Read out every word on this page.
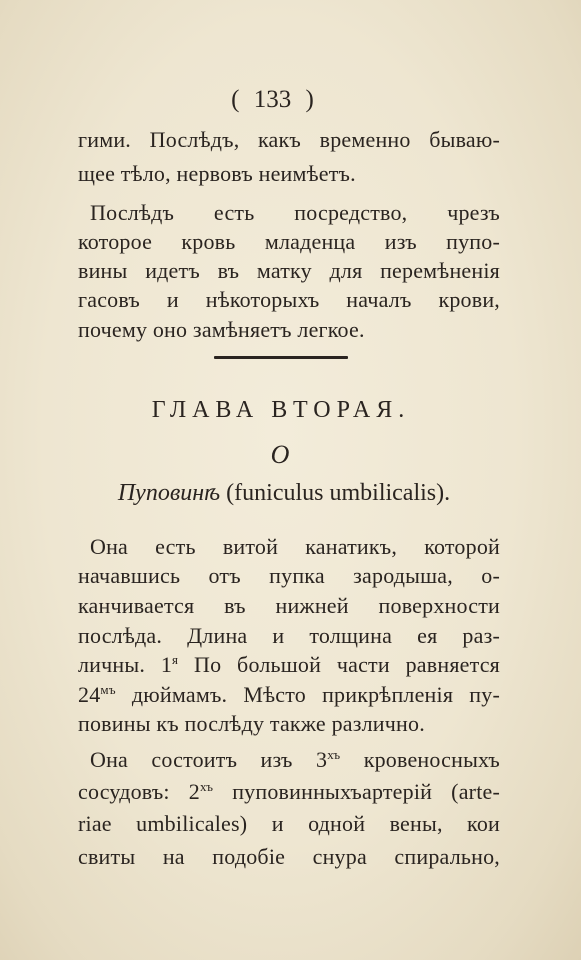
( 133 )
гими. Послѣдъ, какъ временно бываю-
щее тѣло, нервовъ неимѣетъ.
Послѣдъ есть посредство, чрезъ
которое кровь младенца изъ пупо-
вины идетъ въ матку для перемѣненія
гасовъ и нѣкоторыхъ началъ крови,
почему оно замѣняетъ легкое.
ГЛАВА ВТОРАЯ.
О
Пуповинѣ (funiculus umbilicalis).
Она есть витой канатикъ, которой
начавшись отъ пупка зародыша, о-
канчивается въ нижней поверхности
послѣда. Длина и толщина ея раз-
личны. $1^я$ По большой части равняется
$24^{мъ}$ дюймамъ. Мѣсто прикрѣпленія пу-
повины къ послѣду также различно.
Она состоитъ изъ $3^{хъ}$ кровеносныхъ
сосудовъ: $2^{хъ}$ пуповинныхъартерій (arte-
riae umbilicales) и одной вены, кои
свиты на подобіе снура спирально,
